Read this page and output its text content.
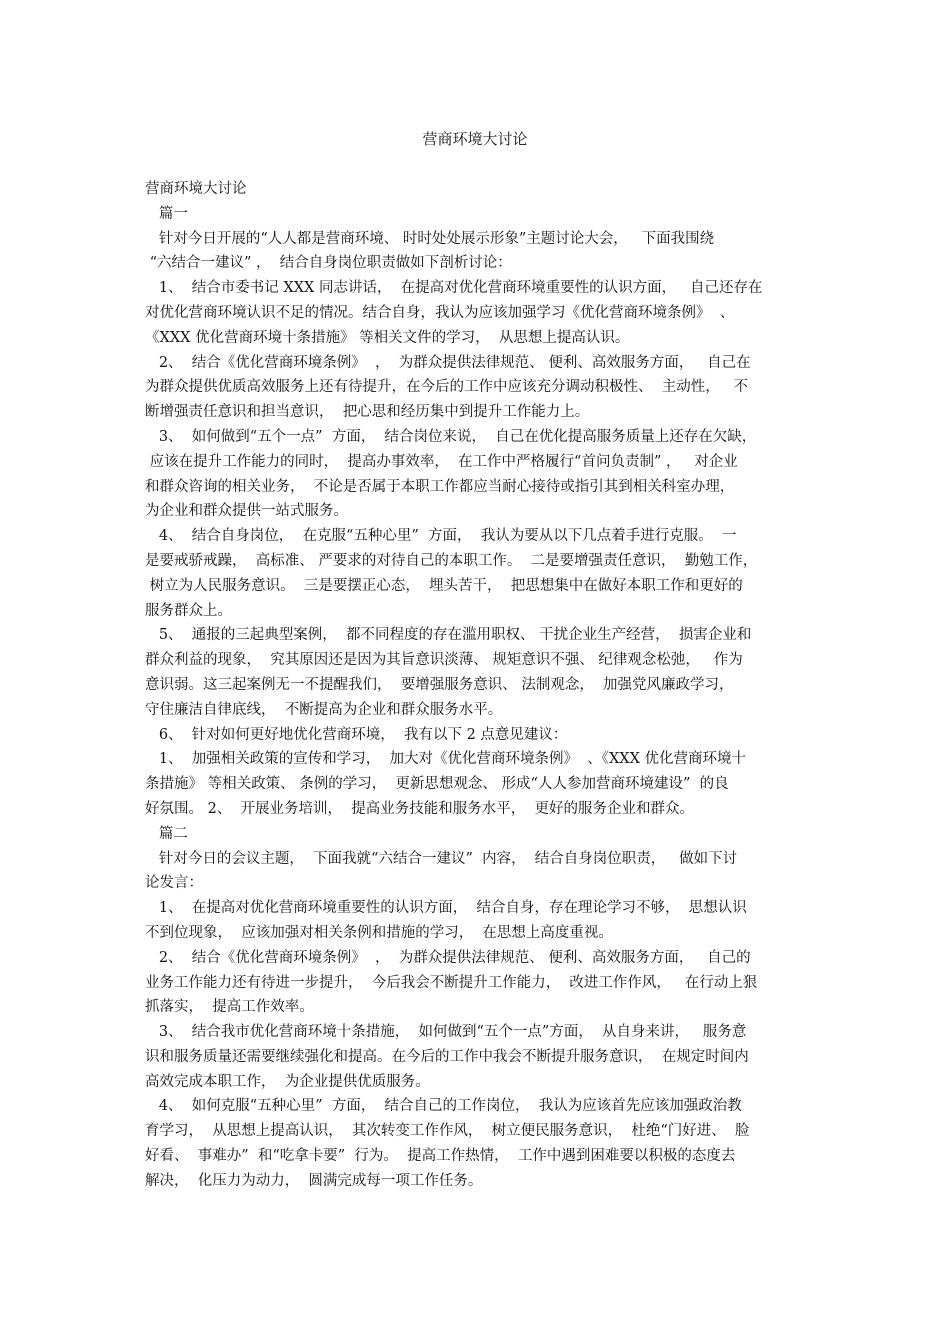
营商环境大讨论
营商环境大讨论
篇一
针对今日开展的“人人都是营商环境、 时时处处展示形象”主题讨论大会，   下面我围绕
“六结合一建议” ，  结合自身岗位职责做如下剖析讨论：
1、  结合市委书记 XXX 同志讲话，  在提高对优化营商环境重要性的认识方面，   自己还存在
对优化营商环境认识不足的情况。结合自身，我认为应该加强学习《优化营商环境条例》  、
《XXX 优化营商环境十条措施》 等相关文件的学习，  从思想上提高认识。
2、  结合《优化营商环境条例》  ，  为群众提供法律规范、 便利、高效服务方面，   自己在
为群众提供优质高效服务上还有待提升，在今后的工作中应该充分调动积极性、  主动性，   不
断增强责任意识和担当意识，  把心思和经历集中到提升工作能力上。
3、  如何做到“五个一点”  方面，  结合岗位来说，  自己在优化提高服务质量上还存在欠缺，
应该在提升工作能力的同时，  提高办事效率，  在工作中严格履行“首问负责制” ，   对企业
和群众咨询的相关业务，  不论是否属于本职工作都应当耐心接待或指引其到相关科室办理，
为企业和群众提供一站式服务。
4、  结合自身岗位，  在克服“五种心里”  方面，  我认为要从以下几点着手进行克服。  一
是要戒骄戒躁，  高标准、 严要求的对待自己的本职工作。  二是要增强责任意识，  勤勉工作，
树立为人民服务意识。  三是要摆正心态，  埋头苦干，  把思想集中在做好本职工作和更好的
服务群众上。
5、  通报的三起典型案例，  都不同程度的存在滥用职权、 干扰企业生产经营，  损害企业和
群众利益的现象，  究其原因还是因为其旨意识淡薄、 规矩意识不强、 纪律观念松弛，   作为
意识弱。这三起案例无一不提醒我们，  要增强服务意识、 法制观念，  加强党风廉政学习，
守住廉洁自律底线，  不断提高为企业和群众服务水平。
6、  针对如何更好地优化营商环境，  我有以下 2 点意见建议：
1、  加强相关政策的宣传和学习，  加大对《优化营商环境条例》  、《XXX 优化营商环境十
条措施》 等相关政策、 条例的学习，  更新思想观念、 形成“人人参加营商环境建设”  的良
好氛围。 2、  开展业务培训，  提高业务技能和服务水平，  更好的服务企业和群众。
篇二
针对今日的会议主题，  下面我就“六结合一建议”  内容，  结合自身岗位职责，   做如下讨
论发言：
1、  在提高对优化营商环境重要性的认识方面，  结合自身，存在理论学习不够，  思想认识
不到位现象，  应该加强对相关条例和措施的学习，  在思想上高度重视。
2、  结合《优化营商环境条例》  ，  为群众提供法律规范、 便利、高效服务方面，   自己的
业务工作能力还有待进一步提升，  今后我会不断提升工作能力，  改进工作作风，   在行动上狠
抓落实，  提高工作效率。
3、  结合我市优化营商环境十条措施，  如何做到“五个一点”方面，  从自身来讲，   服务意
识和服务质量还需要继续强化和提高。在今后的工作中我会不断提升服务意识，  在规定时间内
高效完成本职工作，  为企业提供优质服务。
4、  如何克服“五种心里”  方面，  结合自己的工作岗位，  我认为应该首先应该加强政治教
育学习，  从思想上提高认识，  其次转变工作作风，  树立便民服务意识，  杜绝“门好进、  脸
好看、  事难办”  和“吃拿卡要”  行为。  提高工作热情，  工作中遇到困难要以积极的态度去
解决，  化压力为动力，  圆满完成每一项工作任务。
